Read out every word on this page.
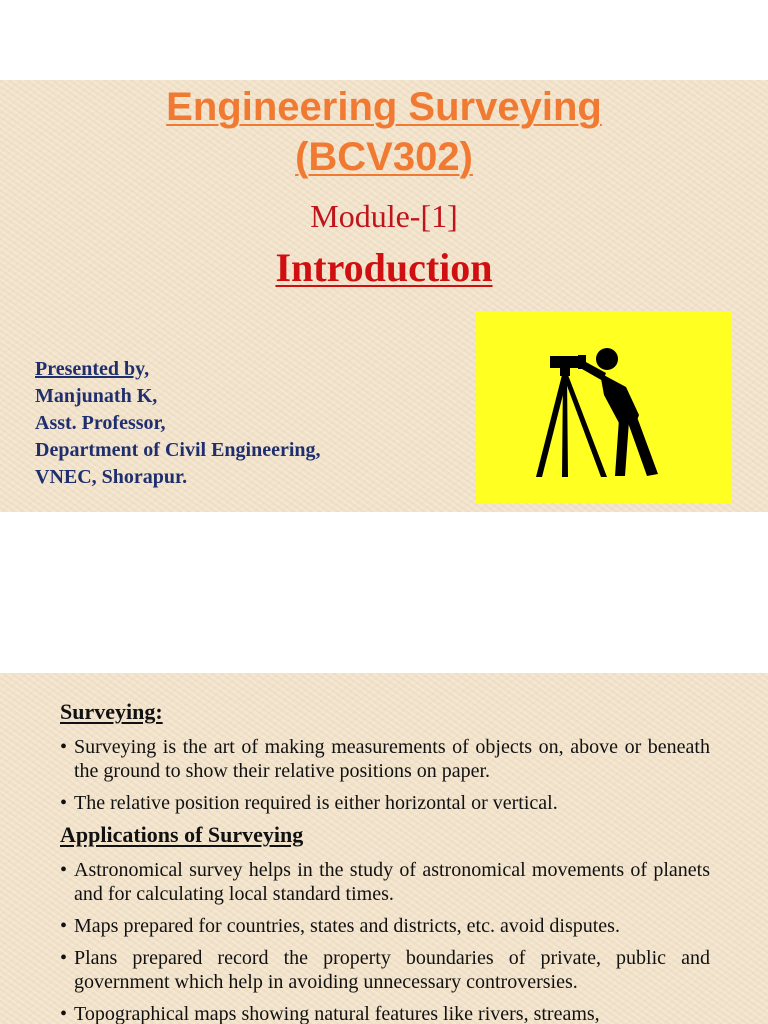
Engineering Surveying
(BCV302)
Module-[1]
Introduction
Presented by,
Manjunath K,
Asst. Professor,
Department of Civil Engineering,
VNEC, Shorapur.
Surveying:
• Surveying is the art of making measurements of objects on, above or beneath the ground to show their relative positions on paper.
• The relative position required is either horizontal or vertical.
Applications of Surveying
• Astronomical survey helps in the study of astronomical movements of planets and for calculating local standard times.
• Maps prepared for countries, states and districts, etc. avoid disputes.
• Plans prepared record the property boundaries of private, public and government which help in avoiding unnecessary controversies.
• Topographical maps showing natural features like rivers, streams,
